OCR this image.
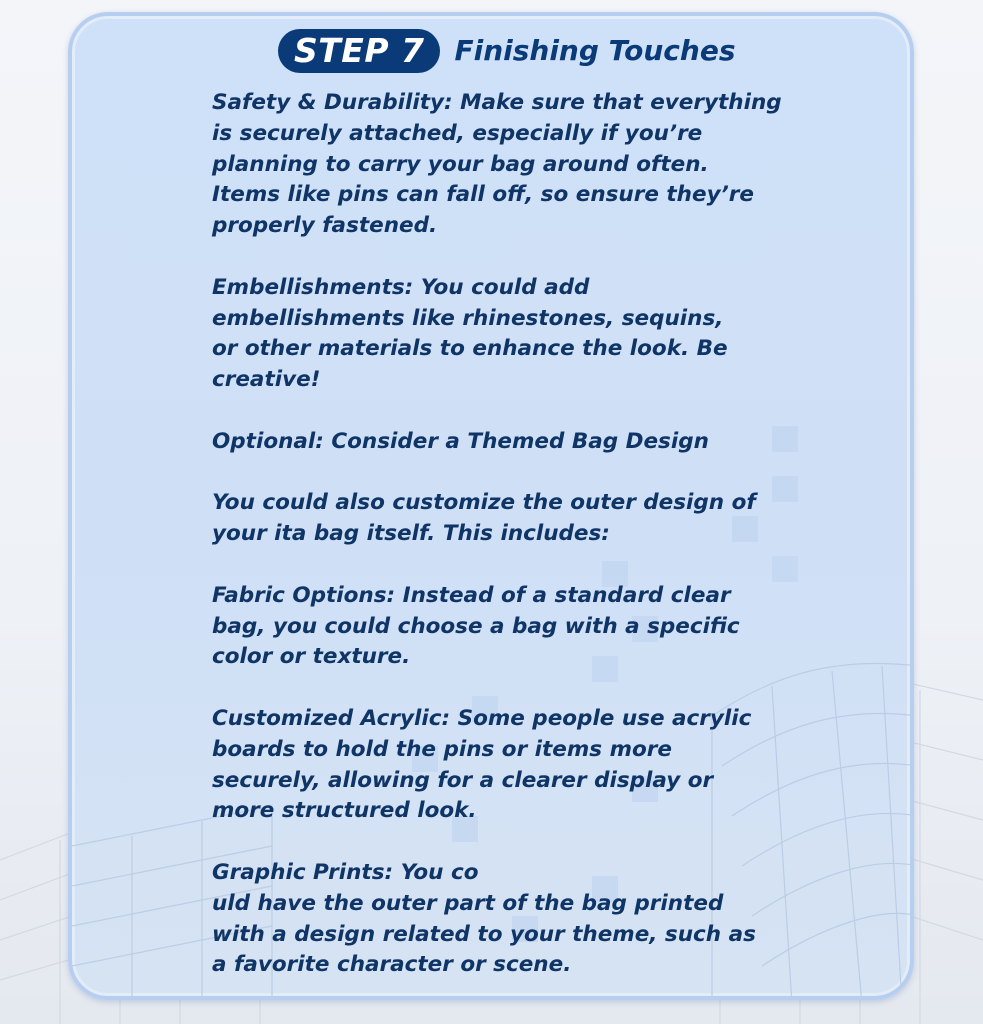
STEP 7	Finishing Touches

Safety & Durability: Make sure that everything
is securely attached, especially if you’re
planning to carry your bag around often.
Items like pins can fall off, so ensure they’re
properly fastened.

Embellishments: You could add
embellishments like rhinestones, sequins,
or other materials to enhance the look. Be
creative!

Optional: Consider a Themed Bag Design

You could also customize the outer design of
your ita bag itself. This includes:

Fabric Options: Instead of a standard clear
bag, you could choose a bag with a specific
color or texture.

Customized Acrylic: Some people use acrylic
boards to hold the pins or items more
securely, allowing for a clearer display or
more structured look.

Graphic Prints: You co
uld have the outer part of the bag printed
with a design related to your theme, such as
a favorite character or scene.
